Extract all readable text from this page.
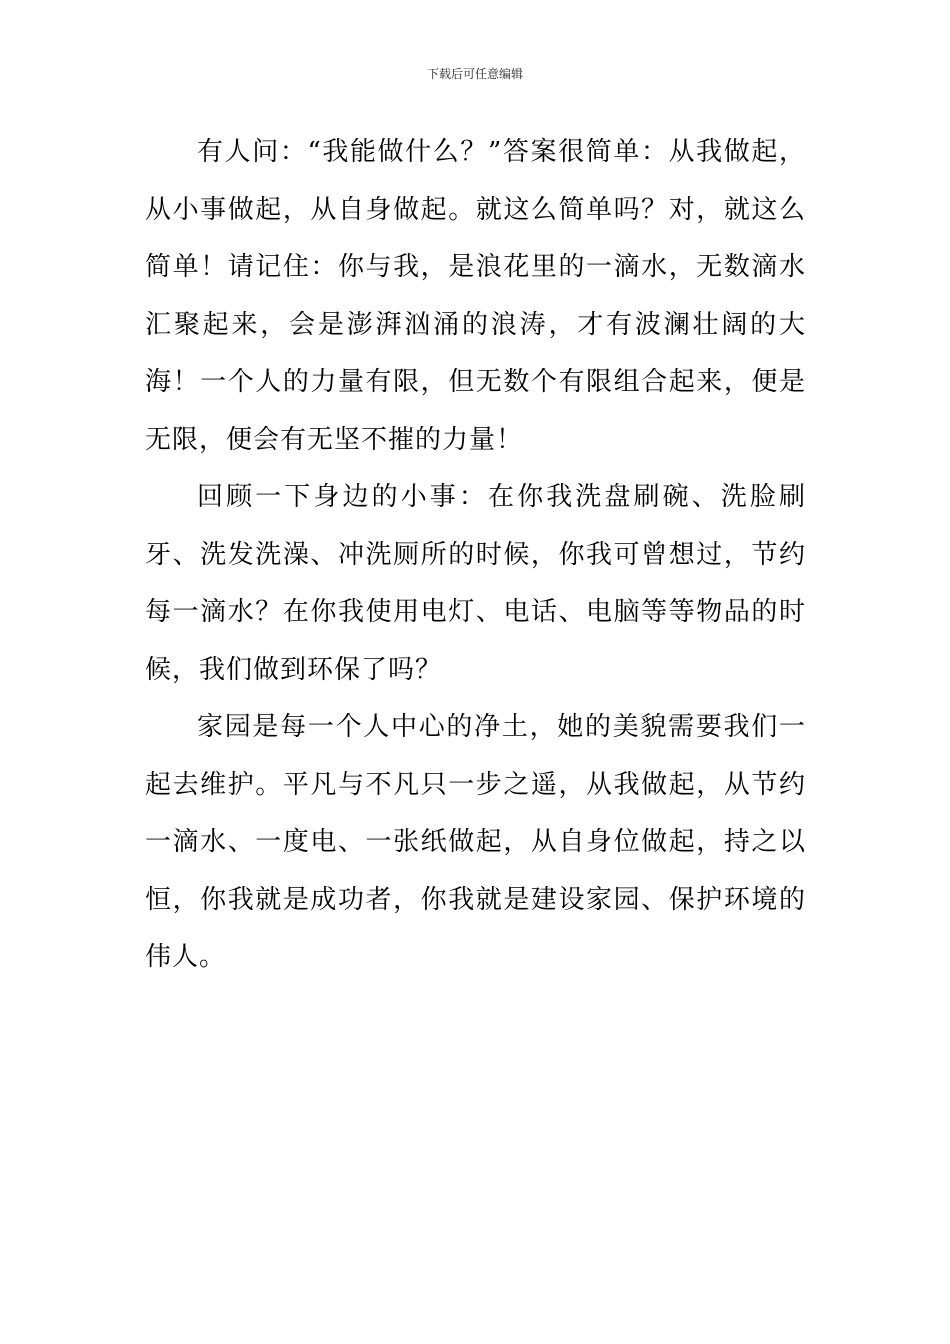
下载后可任意编辑

有人问：“我能做什么？”答案很简单：从我做起，从小事做起，从自身做起。就这么简单吗？对，就这么简单！请记住：你与我，是浪花里的一滴水，无数滴水汇聚起来，会是澎湃汹涌的浪涛，才有波澜壮阔的大海！一个人的力量有限，但无数个有限组合起来，便是无限，便会有无坚不摧的力量！

回顾一下身边的小事：在你我洗盘刷碗、洗脸刷牙、洗发洗澡、冲洗厕所的时候，你我可曾想过，节约每一滴水？在你我使用电灯、电话、电脑等等物品的时候，我们做到环保了吗？

家园是每一个人中心的净土，她的美貌需要我们一起去维护。平凡与不凡只一步之遥，从我做起，从节约一滴水、一度电、一张纸做起，从自身位做起，持之以恒，你我就是成功者，你我就是建设家园、保护环境的伟人。
